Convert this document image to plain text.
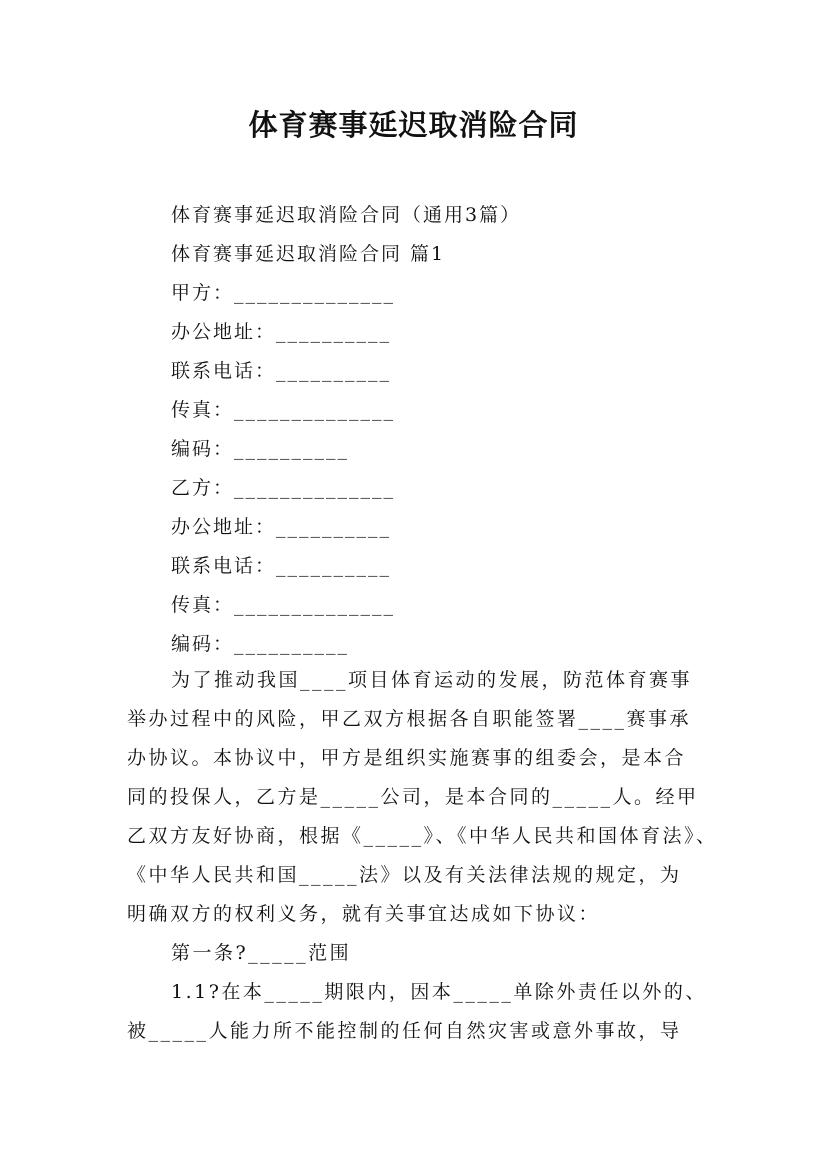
体育赛事延迟取消险合同
体育赛事延迟取消险合同（通用3篇）
体育赛事延迟取消险合同 篇1
甲方：______________
办公地址：__________
联系电话：__________
传真：______________
编码：__________
乙方：______________
办公地址：__________
联系电话：__________
传真：______________
编码：__________
为了推动我国____项目体育运动的发展，防范体育赛事
举办过程中的风险，甲乙双方根据各自职能签署____赛事承
办协议。本协议中，甲方是组织实施赛事的组委会，是本合
同的投保人，乙方是_____公司，是本合同的_____人。经甲
乙双方友好协商，根据《_____》、《中华人民共和国体育法》、
《中华人民共和国_____法》以及有关法律法规的规定，为
明确双方的权利义务，就有关事宜达成如下协议：
第一条?_____范围
1.1?在本_____期限内，因本_____单除外责任以外的、
被_____人能力所不能控制的任何自然灾害或意外事故，导
